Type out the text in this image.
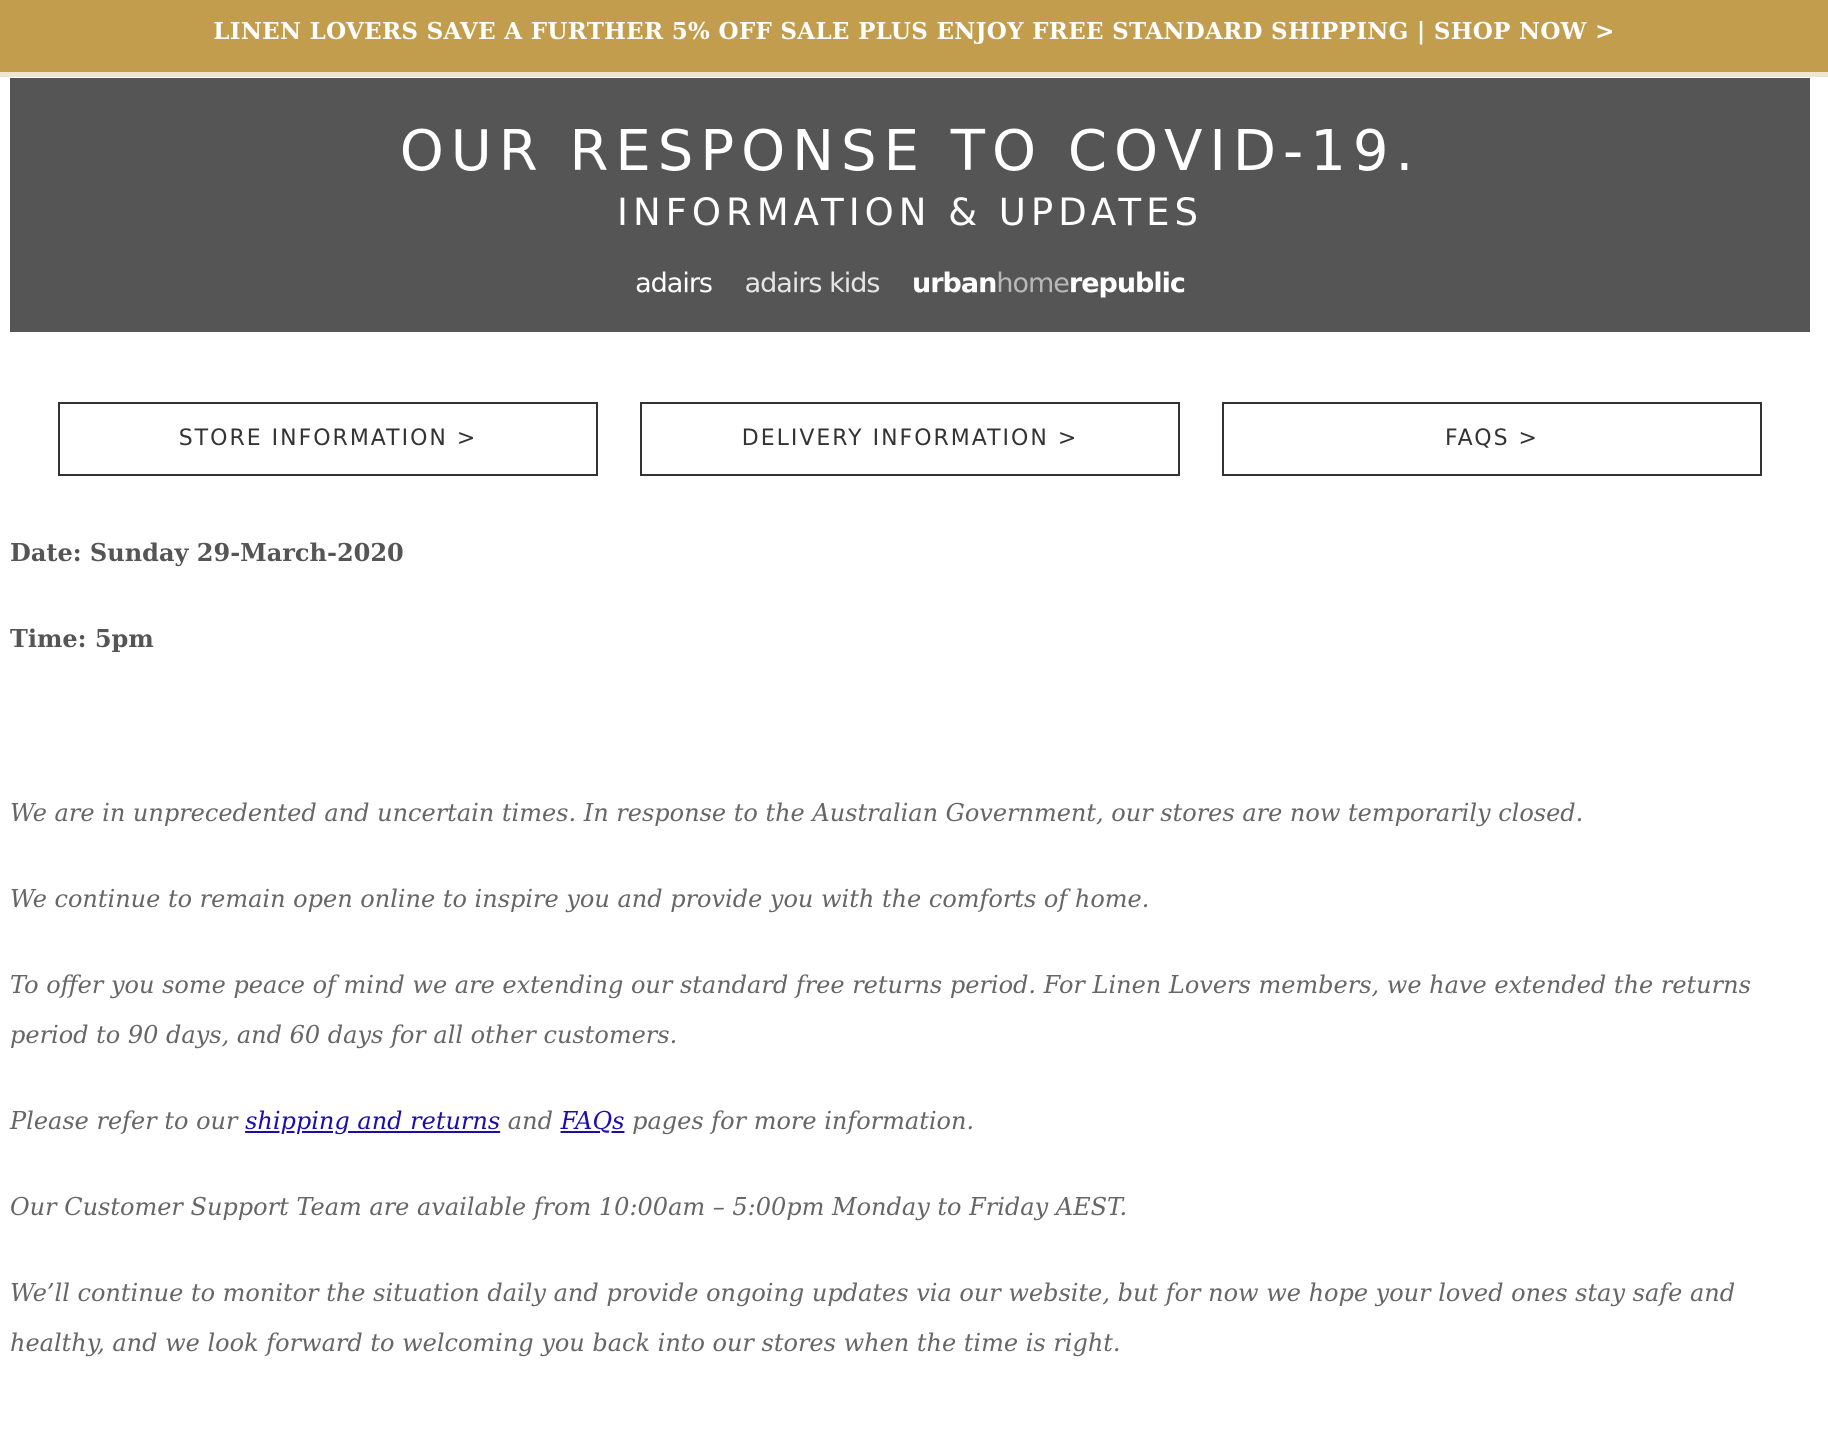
LINEN LOVERS SAVE A FURTHER 5% OFF SALE PLUS ENJOY FREE STANDARD SHIPPING | SHOP NOW >
OUR RESPONSE TO COVID-19.
INFORMATION & UPDATES
adairs adairs kids urbanhomerepublic
STORE INFORMATION >	DELIVERY INFORMATION >	FAQS >
Date: Sunday 29-March-2020
Time: 5pm
We are in unprecedented and uncertain times. In response to the Australian Government, our stores are now temporarily closed.
We continue to remain open online to inspire you and provide you with the comforts of home.
To offer you some peace of mind we are extending our standard free returns period. For Linen Lovers members, we have extended the returns period to 90 days, and 60 days for all other customers.
Please refer to our shipping and returns and FAQs pages for more information.
Our Customer Support Team are available from 10:00am – 5:00pm Monday to Friday AEST.
We’ll continue to monitor the situation daily and provide ongoing updates via our website, but for now we hope your loved ones stay safe and healthy, and we look forward to welcoming you back into our stores when the time is right.
